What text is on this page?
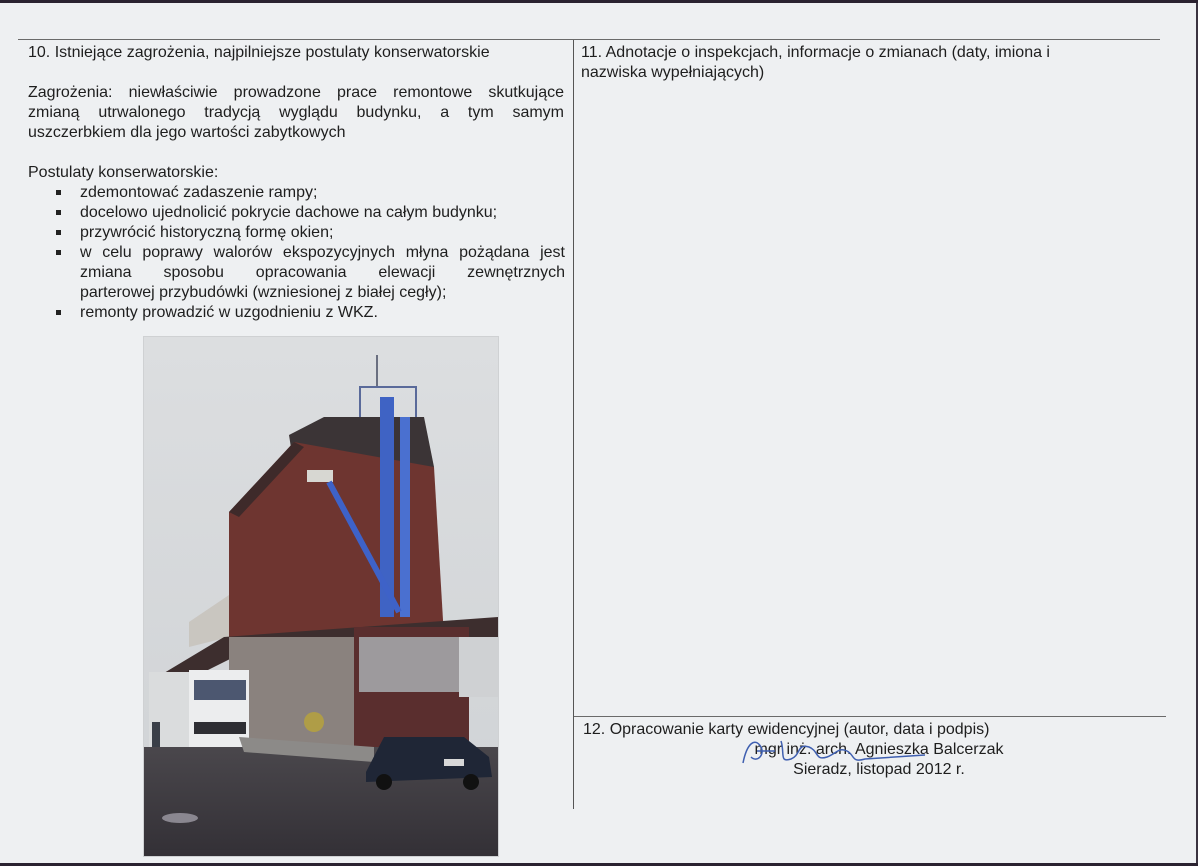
10. Istniejące zagrożenia, najpilniejsze postulaty konserwatorskie
Zagrożenia: niewłaściwie prowadzone prace remontowe skutkujące
zmianą utrwalonego tradycją wyglądu budynku, a tym samym
uszczerbkiem dla jego wartości zabytkowych
Postulaty konserwatorskie:
zdemontować zadaszenie rampy;
docelowo ujednolicić pokrycie dachowe na całym budynku;
przywrócić historyczną formę okien;
w celu poprawy walorów ekspozycyjnych młyna pożądana jest
zmiana sposobu opracowania elewacji zewnętrznych
parterowej przybudówki (wzniesionej z białej cegły);
remonty prowadzić w uzgodnieniu z WKZ.
11. Adnotacje o inspekcjach, informacje o zmianach (daty, imiona i
nazwiska wypełniających)
12. Opracowanie karty ewidencyjnej (autor, data i podpis)
mgr inż. arch. Agnieszka Balcerzak
Sieradz, listopad 2012 r.
